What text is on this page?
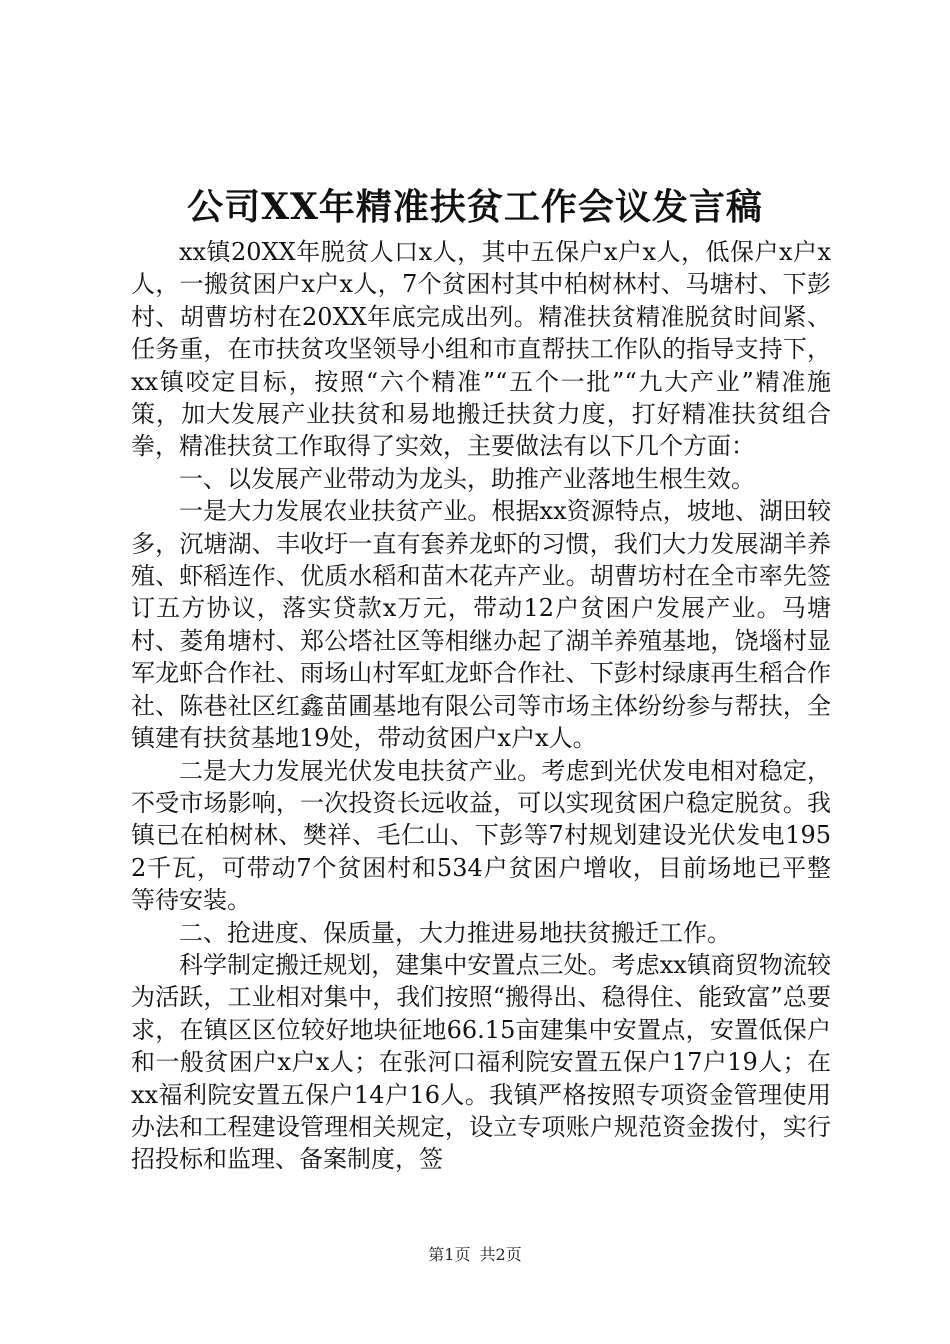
公司XX年精准扶贫工作会议发言稿

xx镇20XX年脱贫人口x人，其中五保户x户x人，低保户x户x人，一搬贫困户x户x人，7个贫困村其中柏树林村、马塘村、下彭村、胡曹坊村在20XX年底完成出列。精准扶贫精准脱贫时间紧、任务重，在市扶贫攻坚领导小组和市直帮扶工作队的指导支持下，xx镇咬定目标，按照“六个精准”“五个一批”“九大产业”精准施策，加大发展产业扶贫和易地搬迁扶贫力度，打好精准扶贫组合拳，精准扶贫工作取得了实效，主要做法有以下几个方面：

一、以发展产业带动为龙头，助推产业落地生根生效。

一是大力发展农业扶贫产业。根据xx资源特点，坡地、湖田较多，沉塘湖、丰收圩一直有套养龙虾的习惯，我们大力发展湖羊养殖、虾稻连作、优质水稻和苗木花卉产业。胡曹坊村在全市率先签订五方协议，落实贷款x万元，带动12户贫困户发展产业。马塘村、菱角塘村、郑公塔社区等相继办起了湖羊养殖基地，饶堖村显军龙虾合作社、雨场山村军虹龙虾合作社、下彭村绿康再生稻合作社、陈巷社区红鑫苗圃基地有限公司等市场主体纷纷参与帮扶，全镇建有扶贫基地19处，带动贫困户x户x人。

二是大力发展光伏发电扶贫产业。考虑到光伏发电相对稳定，不受市场影响，一次投资长远收益，可以实现贫困户稳定脱贫。我镇已在柏树林、樊祥、毛仁山、下彭等7村规划建设光伏发电1952千瓦，可带动7个贫困村和534户贫困户增收，目前场地已平整等待安装。

二、抢进度、保质量，大力推进易地扶贫搬迁工作。

科学制定搬迁规划，建集中安置点三处。考虑xx镇商贸物流较为活跃，工业相对集中，我们按照“搬得出、稳得住、能致富”总要求，在镇区区位较好地块征地66.15亩建集中安置点，安置低保户和一般贫困户x户x人；在张河口福利院安置五保户17户19人；在xx福利院安置五保户14户16人。我镇严格按照专项资金管理使用办法和工程建设管理相关规定，设立专项账户规范资金拨付，实行招投标和监理、备案制度，签

第1页 共2页
